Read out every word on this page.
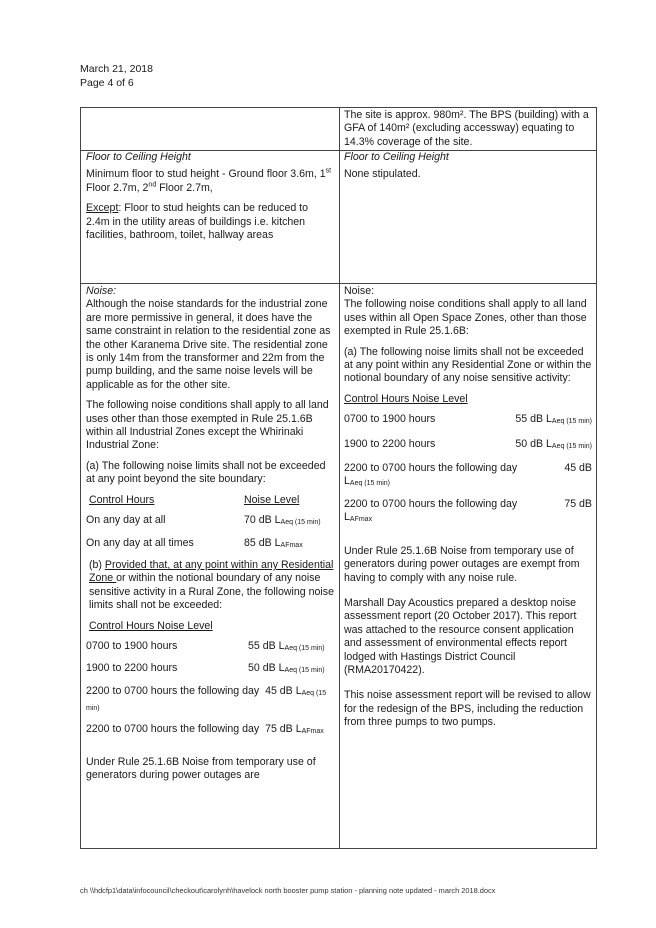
March 21, 2018
Page 4 of 6

The site is approx. 980m². The BPS (building) with a GFA of 140m² (excluding accessway) equating to 14.3% coverage of the site.

Floor to Ceiling Height

Minimum floor to stud height - Ground floor 3.6m, 1st Floor 2.7m, 2nd Floor 2.7m,

Except: Floor to stud heights can be reduced to 2.4m in the utility areas of buildings i.e. kitchen facilities, bathroom, toilet, hallway areas

Floor to Ceiling Height

None stipulated.

Noise:

Although the noise standards for the industrial zone are more permissive in general, it does have the same constraint in relation to the residential zone as the other Karanema Drive site. The residential zone is only 14m from the transformer and 22m from the pump building, and the same noise levels will be applicable as for the other site.

The following noise conditions shall apply to all land uses other than those exempted in Rule 25.1.6B within all Industrial Zones except the Whirinaki Industrial Zone:

(a) The following noise limits shall not be exceeded at any point beyond the site boundary:

Control Hours	Noise Level
On any day at all	70 dB $L_{Aeq (15 min)}$
On any day at all times	85 dB $L_{AFmax}$

(b) Provided that, at any point within any Residential Zone or within the notional boundary of any noise sensitive activity in a Rural Zone, the following noise limits shall not be exceeded:

Control Hours Noise Level

0700 to 1900 hours	55 dB $L_{Aeq (15 min)}$
1900 to 2200 hours	50 dB $L_{Aeq (15 min)}$

2200 to 0700 hours the following day 45 dB $L_{Aeq (15 min)}$

2200 to 0700 hours the following day 75 dB $L_{AFmax}$

Under Rule 25.1.6B Noise from temporary use of generators during power outages are

Noise:

The following noise conditions shall apply to all land uses within all Open Space Zones, other than those exempted in Rule 25.1.6B:

(a) The following noise limits shall not be exceeded at any point within any Residential Zone or within the notional boundary of any noise sensitive activity:

Control Hours Noise Level

0700 to 1900 hours	55 dB $L_{Aeq (15 min)}$
1900 to 2200 hours	50 dB $L_{Aeq (15 min)}$
2200 to 0700 hours the following day	45 dB
$L_{Aeq (15 min)}$
2200 to 0700 hours the following day	75 dB
$L_{AFmax}$

Under Rule 25.1.6B Noise from temporary use of generators during power outages are exempt from having to comply with any noise rule.

Marshall Day Acoustics prepared a desktop noise assessment report (20 October 2017). This report was attached to the resource consent application and assessment of environmental effects report lodged with Hastings District Council (RMA20170422).

This noise assessment report will be revised to allow for the redesign of the BPS, including the reduction from three pumps to two pumps.

ch \\hdcfp1\data\infocouncil\checkout\carolynh\havelock north booster pump station - planning note updated - march 2018.docx
